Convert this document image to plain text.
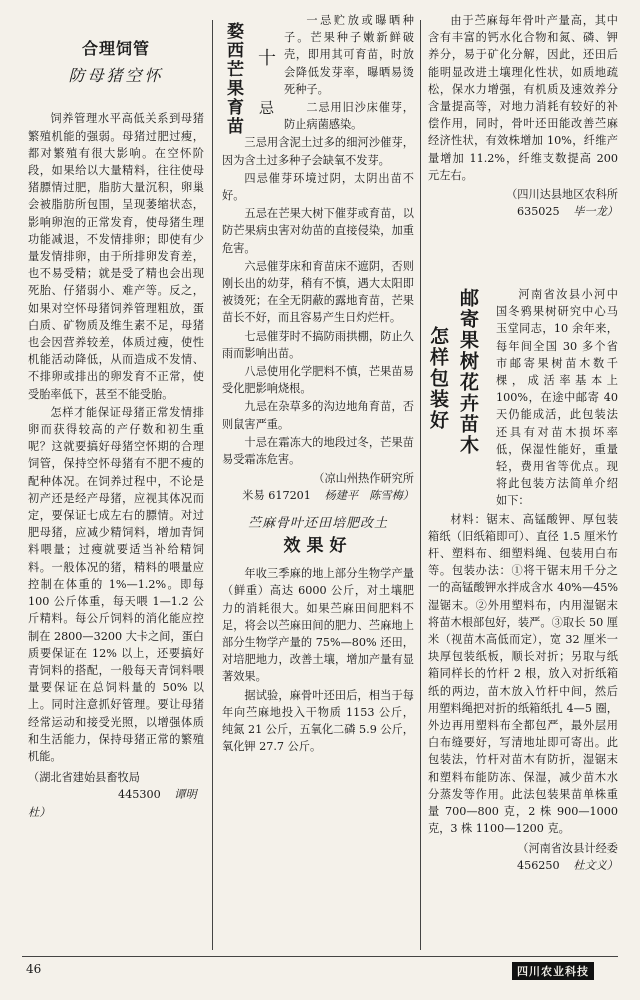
合理饲管
防母猪空怀

饲养管理水平高低关系到母猪繁殖机能的强弱。母猪过肥过瘦，都对繁殖有很大影响。在空怀阶段，如果给以大量精料，往往使母猪膘情过肥，脂肪大量沉积，卵巢会被脂肪所包围，呈现萎缩状态，影响卵泡的正常发育，使母猪生理功能减退，不发情排卵；即使有少量发情排卵，由于所排卵发育差，也不易受精；就是受了精也会出现死胎、仔猪弱小、难产等。反之，如果对空怀母猪饲养管理粗放，蛋白质、矿物质及维生素不足，母猪也会因营养较差，体质过瘦，使性机能活动降低，从而造成不发情、不排卵或排出的卵发育不正常，使受胎率低下，甚至不能受胎。

怎样才能保证母猪正常发情排卵而获得较高的产仔数和初生重呢？这就要搞好母猪空怀期的合理饲管，保持空怀母猪有不肥不瘦的配种体况。在饲养过程中，不论是初产还是经产母猪，应视其体况而定，要保证七成左右的膘情。对过肥母猪，应减少精饲料，增加青饲料喂量；过瘦就要适当补给精饲料。一般体况的猪，精料的喂量应控制在体重的 1%—1.2%。即每 100 公斤体重，每天喂 1—1.2 公斤精料。每公斤饲料的消化能应控制在 2800—3200 大卡之间，蛋白质要保证在 12% 以上，还要搞好青饲料的搭配，一般每天青饲料喂量要保证在总饲料量的 50% 以上。同时注意抓好管理。要让母猪经常运动和接受光照，以增强体质和生活能力，保持母猪正常的繁殖机能。

（湖北省建始县畜牧局
445300 谭明杜）
十
忌
婺西芒果育苗

一忌贮放或曝晒种子。芒果种子嫩新鲜破壳，即用其可育苗，时放会降低发芽率，曝晒易烫死种子。

二忌用旧沙床催芽，防止病菌感染。

三忌用含泥土过多的细河沙催芽，因为含土过多种子会缺氧不发芽。

四忌催芽环境过阴，太阴出苗不好。

五忌在芒果大树下催芽或育苗，以防芒果病虫害对幼苗的直接侵染，加重危害。

六忌催芽床和育苗床不遮阴，否则刚长出的幼芽，稍有不慎，遇大太阳即被烫死；在全无阴蔽的露地育苗，芒果苗长不好，而且容易产生日灼烂杆。

七忌催芽时不搞防雨拱棚，防止久雨而影响出苗。

八忌使用化学肥料不慎，芒果苗易受化肥影响烧根。

九忌在杂草多的沟边地角育苗，否则鼠害严重。

十忌在霜冻大的地段过冬，芒果苗易受霜冻危害。

（凉山州热作研究所
米易 617201 杨建平　陈雪梅）
苎麻骨叶还田培肥改土
效果好

年收三季麻的地上部分生物学产量（鲜重）高达 6000 公斤，对土壤肥力的消耗很大。如果苎麻田间肥料不足，将会以苎麻田间的肥力、苎麻地上部分生物学产量的 75%—80% 还田，对培肥地力，改善土壤，增加产量有显著效果。

据试验，麻骨叶还田后，相当于每年向苎麻地投入干物质 1153 公斤，纯氮 21 公斤，五氧化二磷 5.9 公斤，氧化钾 27.7 公斤。

由于苎麻每年骨叶产量高，其中含有丰富的钙水化合物和氮、磷、钾养分，易于矿化分解，因此，还田后能明显改进土壤理化性状，如质地疏松，保水力增强，有机质及速效养分含量提高等，对地力消耗有较好的补偿作用，同时，骨叶还田能改善苎麻经济性状，有效株增加 10%，纤维产量增加 11.2%，纤维支数提高 200 元左右。

（四川达县地区农科所
635025 毕一龙）
邮寄果树花卉苗木
怎样包装好

河南省汝县小河中国冬鸦果树研究中心马玉堂同志，10 余年来，每年间全国 30 多个省市邮寄果树苗木数千棵，成活率基本上 100%，在途中邮寄 40 天仍能成活，此包装法还具有对苗木损坏率低，保湿性能好，重量轻，费用省等优点。现将此包装方法简单介绍如下：

材料：锯末、高锰酸钾、厚包装箱纸（旧纸箱即可）、直径 1.5 厘米竹杆、塑料布、细塑料绳、包装用白布等。包装办法：①将干锯末用千分之一的高锰酸钾水拌成含水 40%—45% 湿锯末。②外用塑料布，内用湿锯末将苗木根部包好，装严。③取长 50 厘米（视苗木高低而定），宽 32 厘米一块厚包装纸板，顺长对折；另取与纸箱同样长的竹杆 2 根，放入对折纸箱纸的两边，苗木放入竹杆中间，然后用塑料绳把对折的纸箱纸扎 4—5 圈，外边再用塑料布全都包严，最外层用白布缝要好，写清地址即可寄出。此包装法，竹杆对苗木有防折，湿锯末和塑料布能防冻、保湿，减少苗木水分蒸发等作用。此法包装果苗单株重量 700—800 克，2 株 900—1000 克，3 株 1100—1200 克。

（河南省汝县计经委
456250 杜文义）
46	四川农业科技
